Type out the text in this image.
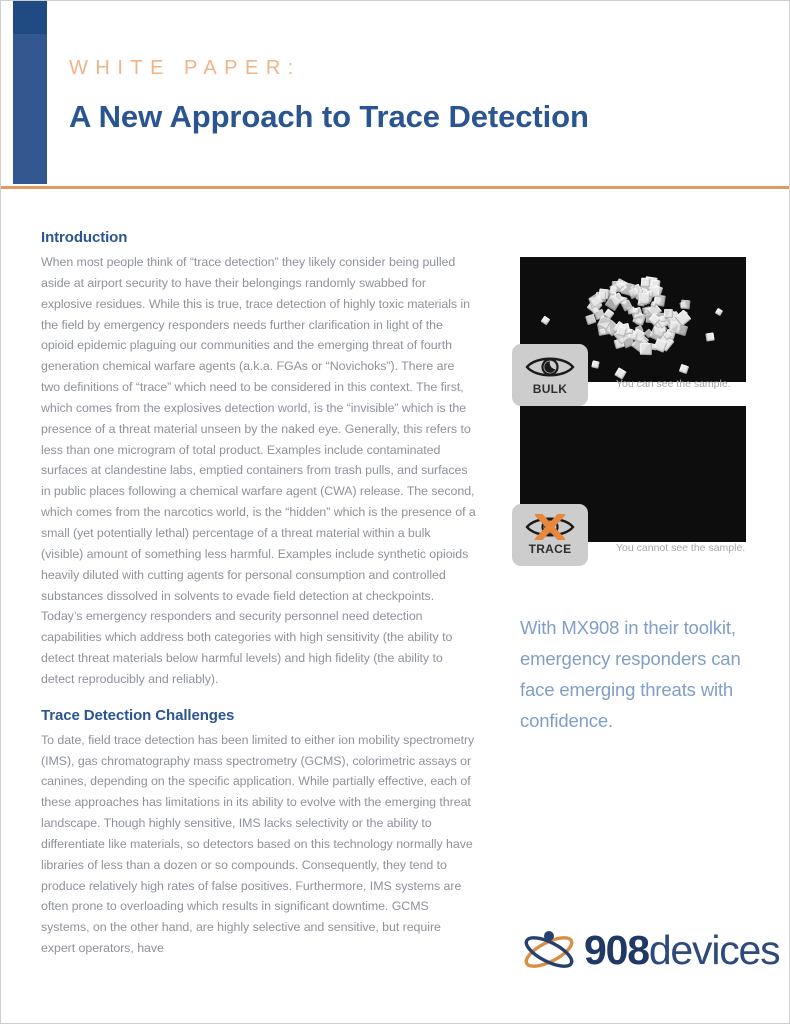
WHITE PAPER:
A New Approach to Trace Detection
Introduction

When most people think of “trace detection” they likely consider being pulled aside at airport security to have their belongings randomly swabbed for explosive residues. While this is true, trace detection of highly toxic materials in the field by emergency responders needs further clarification in light of the opioid epidemic plaguing our communities and the emerging threat of fourth generation chemical warfare agents (a.k.a. FGAs or “Novichoks”). There are two definitions of “trace” which need to be considered in this context. The first, which comes from the explosives detection world, is the “invisible” which is the presence of a threat material unseen by the naked eye. Generally, this refers to less than one microgram of total product. Examples include contaminated surfaces at clandestine labs, emptied containers from trash pulls, and surfaces in public places following a chemical warfare agent (CWA) release. The second, which comes from the narcotics world, is the “hidden” which is the presence of a small (yet potentially lethal) percentage of a threat material within a bulk (visible) amount of something less harmful. Examples include synthetic opioids heavily diluted with cutting agents for personal consumption and controlled substances dissolved in solvents to evade field detection at checkpoints. Today’s emergency responders and security personnel need detection capabilities which address both categories with high sensitivity (the ability to detect threat materials below harmful levels) and high fidelity (the ability to detect reproducibly and reliably).

Trace Detection Challenges

To date, field trace detection has been limited to either ion mobility spectrometry (IMS), gas chromatography mass spectrometry (GCMS), colorimetric assays or canines, depending on the specific application. While partially effective, each of these approaches has limitations in its ability to evolve with the emerging threat landscape. Though highly sensitive, IMS lacks selectivity or the ability to differentiate like materials, so detectors based on this technology normally have libraries of less than a dozen or so compounds. Consequently, they tend to produce relatively high rates of false positives. Furthermore, IMS systems are often prone to overloading which results in significant downtime. GCMS systems, on the other hand, are highly selective and sensitive, but require expert operators, have

BULK	You can see the sample.
TRACE	You cannot see the sample.
With MX908 in their toolkit, emergency responders can face emerging threats with confidence.
908devices
